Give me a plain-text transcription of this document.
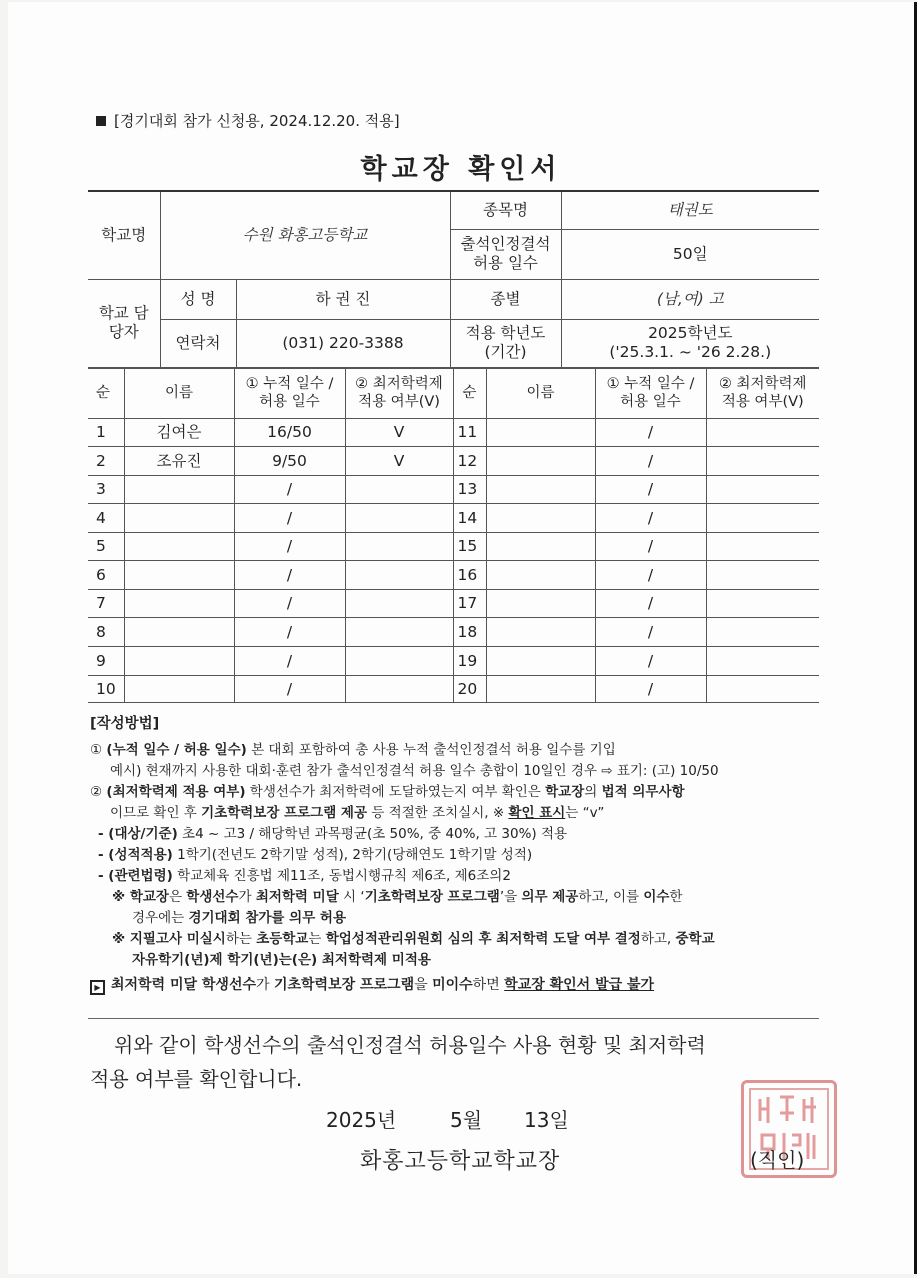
[경기대회 참가 신청용, 2024.12.20. 적용]
학교장 확인서
학교명	수원 화홍고등학교		종목명	태권도
			출석인정결석 허용 일수	50일
학교 담당자	성 명	하 권 진	종별	(남,여) 고
	연락처	(031) 220-3388	적용 학년도 (기간)	2025학년도
('25.3.1. ~ '26 2.28.)
순	이름	① 누적 일수 / 허용 일수	② 최저학력제 적용 여부(V)	순	이름	① 누적 일수 / 허용 일수	② 최저학력제 적용 여부(V)
1	김여은	16/50	V	11		/	
2	조유진	9/50	V	12		/	
3		/		13		/	
4		/		14		/	
5		/		15		/	
6		/		16		/	
7		/		17		/	
8		/		18		/	
9		/		19		/	
10		/		20		/	
[작성방법]

① (누적 일수 / 허용 일수) 본 대회 포함하여 총 사용 누적 출석인정결석 허용 일수를 기입

예시) 현재까지 사용한 대회·훈련 참가 출석인정결석 허용 일수 총합이 10일인 경우 ⇨ 표기: (고) 10/50

② (최저학력제 적용 여부) 학생선수가 최저학력에 도달하였는지 여부 확인은 학교장의 법적 의무사항

이므로 확인 후 기초학력보장 프로그램 제공 등 적절한 조치실시, ※ 확인 표시는 “v”

- (대상/기준) 초4 ~ 고3 / 해당학년 과목평균(초 50%, 중 40%, 고 30%) 적용

- (성적적용) 1학기(전년도 2학기말 성적), 2학기(당해연도 1학기말 성적)

- (관련법령) 학교체육 진흥법 제11조, 동법시행규칙 제6조, 제6조의2

※ 학교장은 학생선수가 최저학력 미달 시 ‘기초학력보장 프로그램’을 의무 제공하고, 이를 이수한

경우에는 경기대회 참가를 의무 허용

※ 지필고사 미실시하는 초등학교는 학업성적관리위원회 심의 후 최저학력 도달 여부 결정하고, 중학교

자유학기(년)제 학기(년)는(은) 최저학력제 미적용

▶ 최저학력 미달 학생선수가 기초학력보장 프로그램을 미이수하면 학교장 확인서 발급 불가

위와 같이 학생선수의 출석인정결석 허용일수 사용 현황 및 최저학력

적용 여부를 확인합니다.

2025년	5월 13일
화홍고등학교학교장	(직인)
